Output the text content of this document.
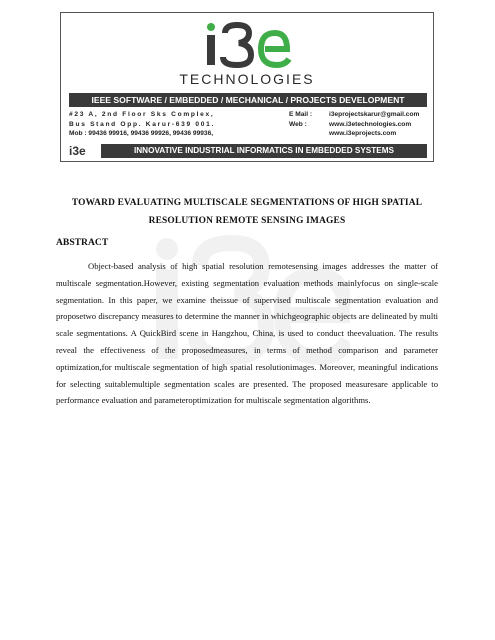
TECHNOLOGIES
IEEE SOFTWARE / EMBEDDED / MECHANICAL / PROJECTS DEVELOPMENT
#23 A, 2nd Floor Sks Complex,
Bus Stand Opp. Karur-639 001.
Mob : 99436 99916, 99436 99926, 99436 99936,
E Mail :	i3eprojectskarur@gmail.com
Web :	www.i3etechnologies.com
www.i3eprojects.com
i3e	INNOVATIVE INDUSTRIAL INFORMATICS IN EMBEDDED SYSTEMS
TOWARD EVALUATING MULTISCALE SEGMENTATIONS OF HIGH SPATIAL
RESOLUTION REMOTE SENSING IMAGES
ABSTRACT
Object-based analysis of high spatial resolution remotesensing images addresses the matter of multiscale segmentation.However, existing segmentation evaluation methods mainlyfocus on single-scale segmentation. In this paper, we examine theissue of supervised multiscale segmentation evaluation and proposetwo discrepancy measures to determine the manner in whichgeographic objects are delineated by multi scale segmentations. A QuickBird scene in Hangzhou, China, is used to conduct theevaluation. The results reveal the effectiveness of the proposedmeasures, in terms of method comparison and parameter optimization,for multiscale segmentation of high spatial resolutionimages. Moreover, meaningful indications for selecting suitablemultiple segmentation scales are presented. The proposed measuresare applicable to performance evaluation and parameteroptimization for multiscale segmentation algorithms.
